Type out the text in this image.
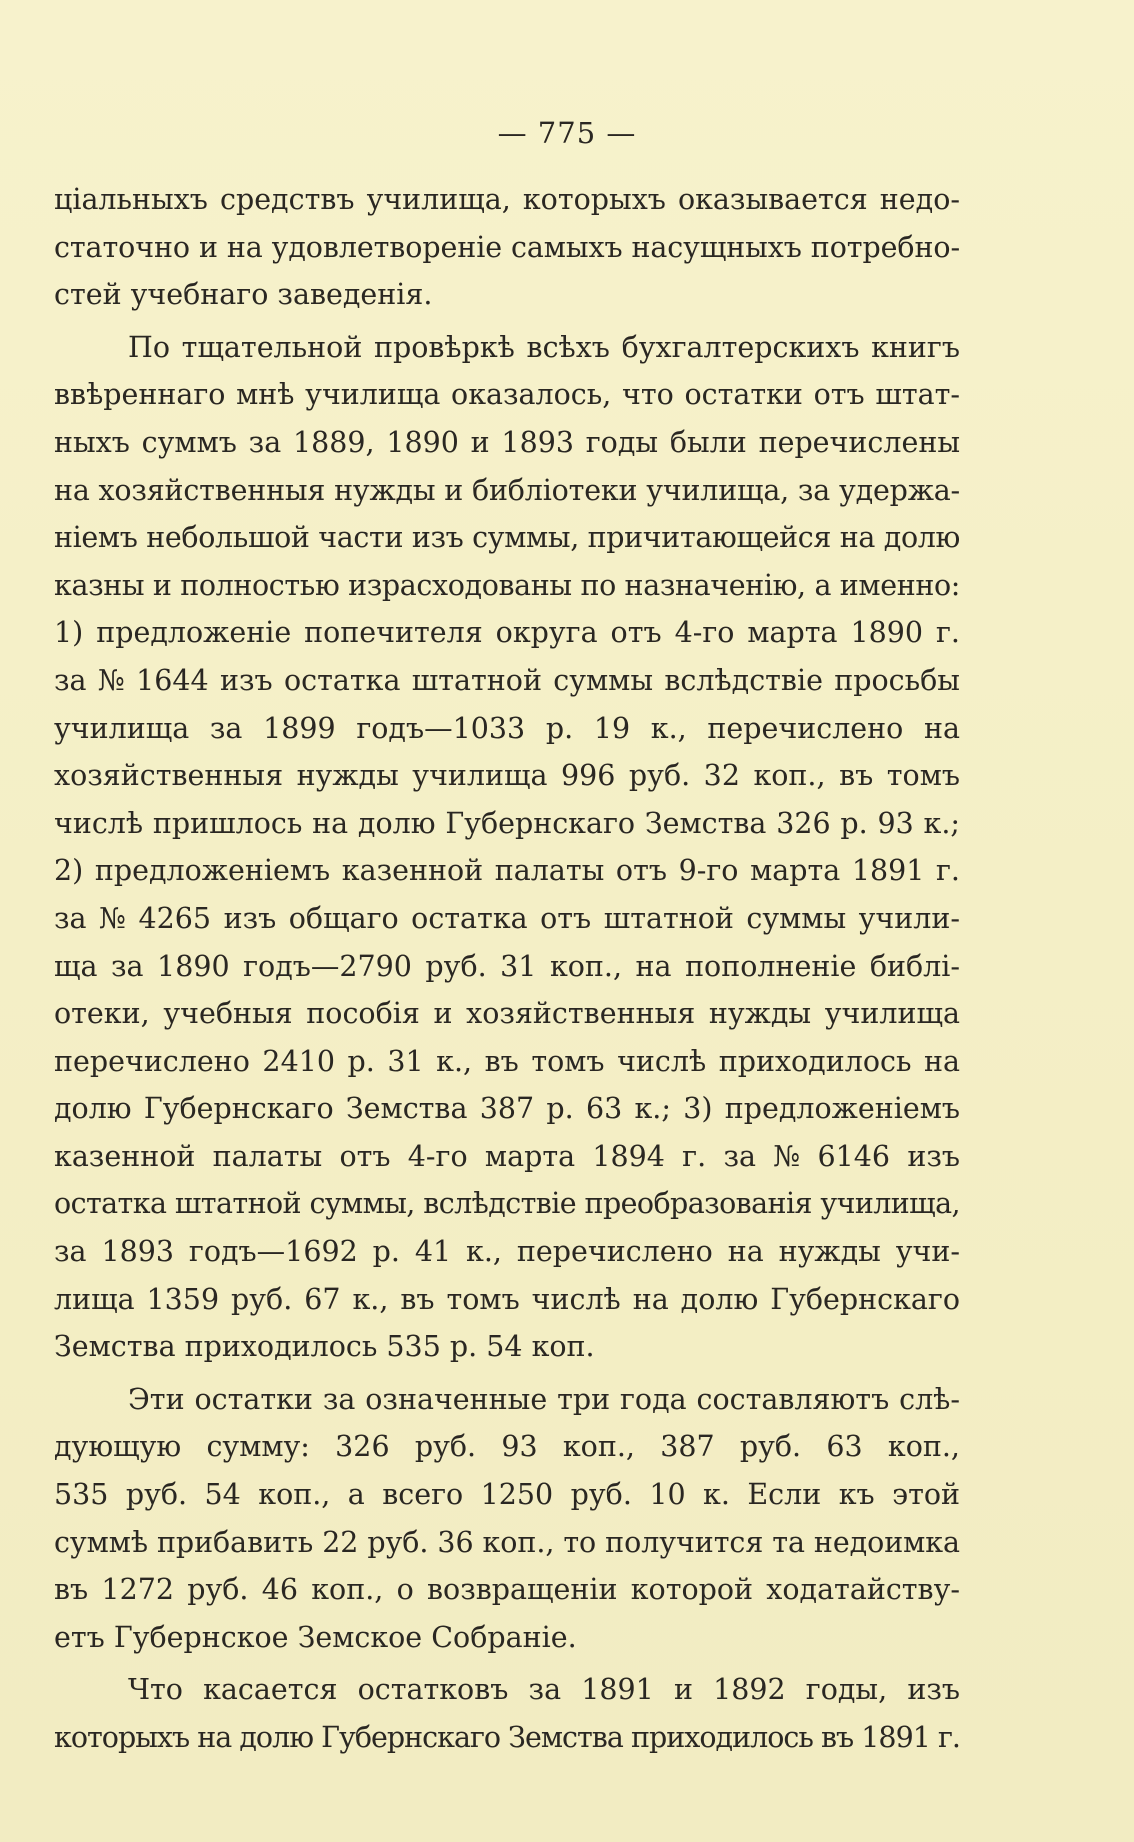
— 775 —

ціальныхъ средствъ училища, которыхъ оказывается недо-
статочно и на удовлетвореніе самыхъ насущныхъ потребно-
стей учебнаго заведенія.

По тщательной провѣркѣ всѣхъ бухгалтерскихъ книгъ
ввѣреннаго мнѣ училища оказалось, что остатки отъ штат-
ныхъ суммъ за 1889, 1890 и 1893 годы были перечислены
на хозяйственныя нужды и библіотеки училища, за удержа-
ніемъ небольшой части изъ суммы, причитающейся на долю
казны и полностью израсходованы по назначенію, а именно:
1) предложеніе попечителя округа отъ 4-го марта 1890 г.
за № 1644 изъ остатка штатной суммы вслѣдствіе просьбы
училища за 1899 годъ—1033 р. 19 к., перечислено на
хозяйственныя нужды училища 996 руб. 32 коп., въ томъ
числѣ пришлось на долю Губернскаго Земства 326 р. 93 к.;
2) предложеніемъ казенной палаты отъ 9-го марта 1891 г.
за № 4265 изъ общаго остатка отъ штатной суммы учили-
ща за 1890 годъ—2790 руб. 31 коп., на пополненіе библі-
отеки, учебныя пособія и хозяйственныя нужды училища
перечислено 2410 р. 31 к., въ томъ числѣ приходилось на
долю Губернскаго Земства 387 р. 63 к.; 3) предложеніемъ
казенной палаты отъ 4-го марта 1894 г. за № 6146 изъ
остатка штатной суммы, вслѣдствіе преобразованія училища,
за 1893 годъ—1692 р. 41 к., перечислено на нужды учи-
лища 1359 руб. 67 к., въ томъ числѣ на долю Губернскаго
Земства приходилось 535 р. 54 коп.

Эти остатки за означенные три года составляютъ слѣ-
дующую сумму: 326 руб. 93 коп., 387 руб. 63 коп.,
535 руб. 54 коп., а всего 1250 руб. 10 к. Если къ этой
суммѣ прибавить 22 руб. 36 коп., то получится та недоимка
въ 1272 руб. 46 коп., о возвращеніи которой ходатайству-
етъ Губернское Земское Собраніе.

Что касается остатковъ за 1891 и 1892 годы, изъ
которыхъ на долю Губернскаго Земства приходилось въ 1891 г.
